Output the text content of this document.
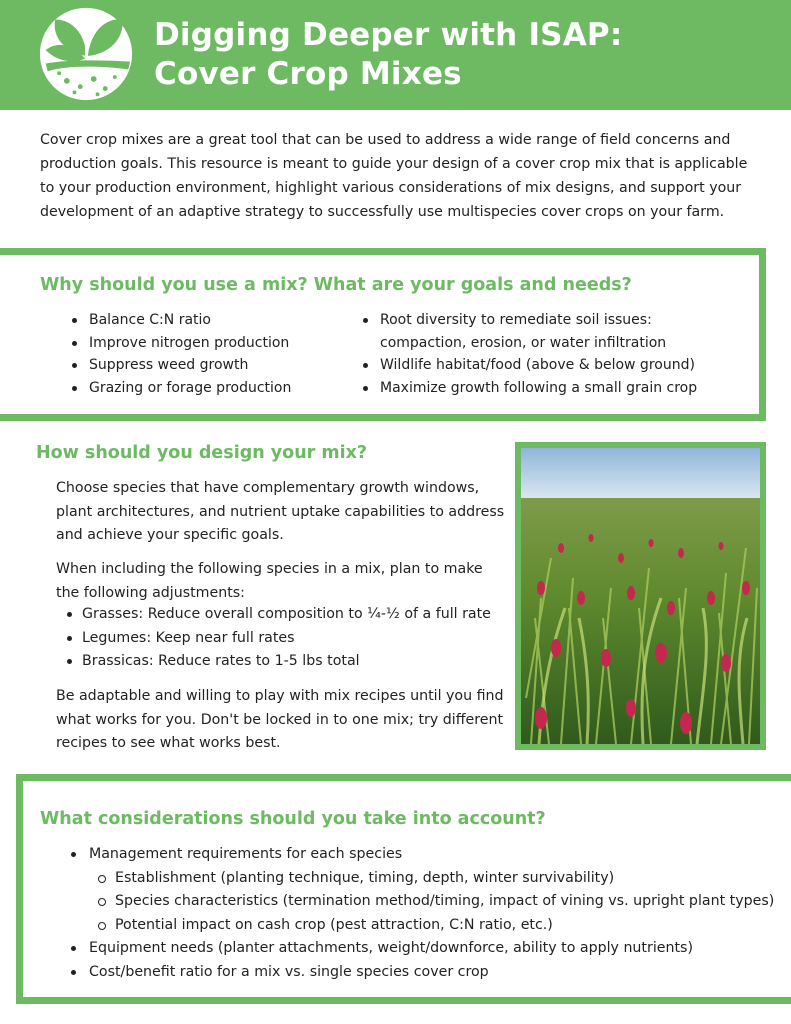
Digging Deeper with ISAP:
Cover Crop Mixes

Cover crop mixes are a great tool that can be used to address a wide range of field concerns and production goals. This resource is meant to guide your design of a cover crop mix that is applicable to your production environment, highlight various considerations of mix designs, and support your development of an adaptive strategy to successfully use multispecies cover crops on your farm.

Why should you use a mix? What are your goals and needs?
Balance C:N ratio
Improve nitrogen production
Suppress weed growth
Grazing or forage production
Root diversity to remediate soil issues: compaction, erosion, or water infiltration
Wildlife habitat/food (above & below ground)
Maximize growth following a small grain crop
How should you design your mix?

Choose species that have complementary growth windows, plant architectures, and nutrient uptake capabilities to address and achieve your specific goals.

When including the following species in a mix, plan to make the following adjustments:

Grasses: Reduce overall composition to ¼-½ of a full rate
Legumes: Keep near full rates
Brassicas: Reduce rates to 1-5 lbs total

Be adaptable and willing to play with mix recipes until you find what works for you. Don't be locked in to one mix; try different recipes to see what works best.

What considerations should you take into account?
Management requirements for each species
Establishment (planting technique, timing, depth, winter survivability)
Species characteristics (termination method/timing, impact of vining vs. upright plant types)
Potential impact on cash crop (pest attraction, C:N ratio, etc.)
Equipment needs (planter attachments, weight/downforce, ability to apply nutrients)
Cost/benefit ratio for a mix vs. single species cover crop
